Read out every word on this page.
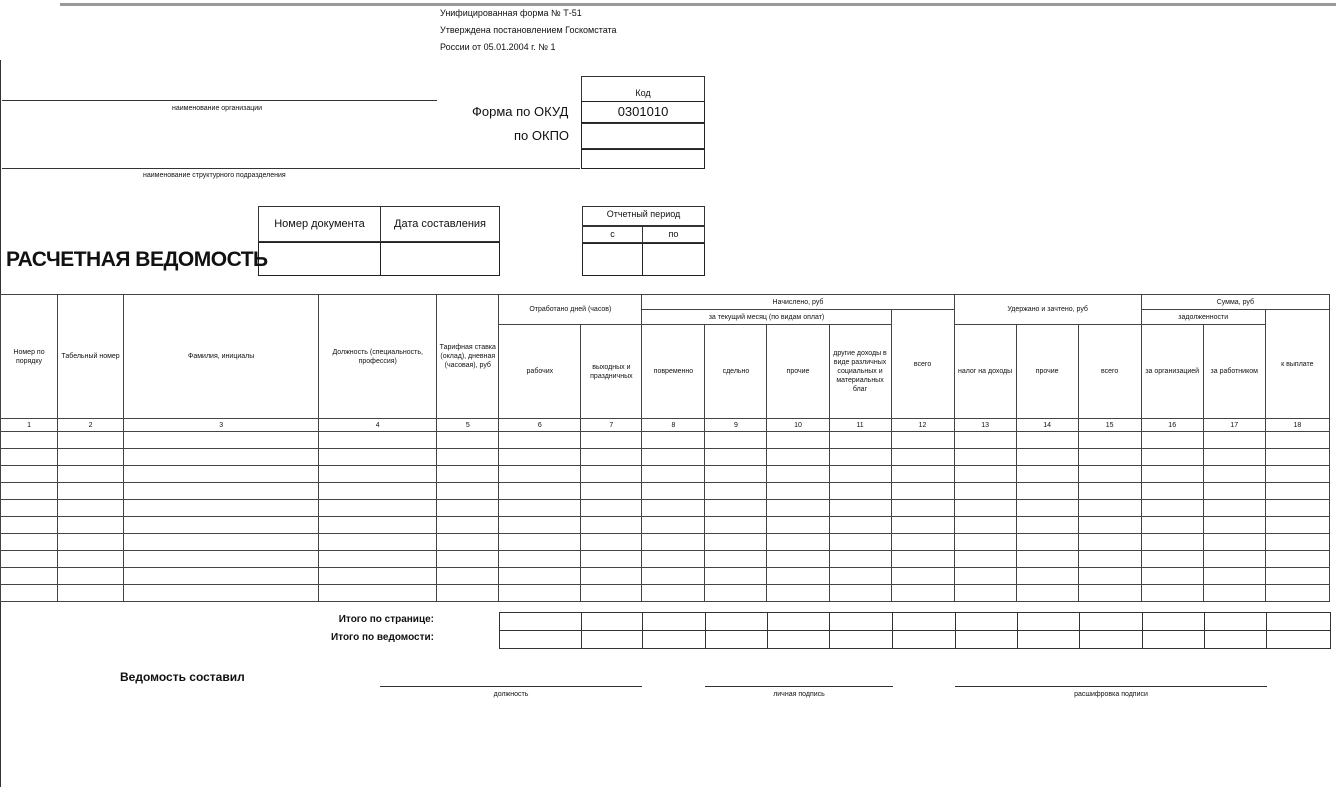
Унифицированная форма № Т-51
Утверждена постановлением Госкомстата
России от 05.01.2004 г. № 1
наименование организации
наименование структурного подразделения
Код
0301010
Форма по ОКУД
по ОКПО
Номер документа	Дата составления
РАСЧЕТНАЯ ВЕДОМОСТЬ
Отчетный период
с	по
Номер по порядку	Табельный номер	Фамилия, инициалы	Должность (специальность, профессия)	Тарифная ставка (оклад), дневная (часовая), руб	Отработано дней (часов)		Начислено, руб					Удержано и зачтено, руб			Сумма, руб		
							за текущий месяц (по видам оплат)				всего				задолженности		к выплате
					рабочих	выходных и праздничных	повременно	сдельно	прочие	другие доходы в виде различных социальных и материальных благ		налог на доходы	прочие	всего	за организацией	за работником	
1	2	3	4	5	6	7	8	9	10	11	12	13	14	15	16	17	18

Итого по странице:
Итого по ведомости:
Ведомость составил
должность	личная подпись	расшифровка подписи
